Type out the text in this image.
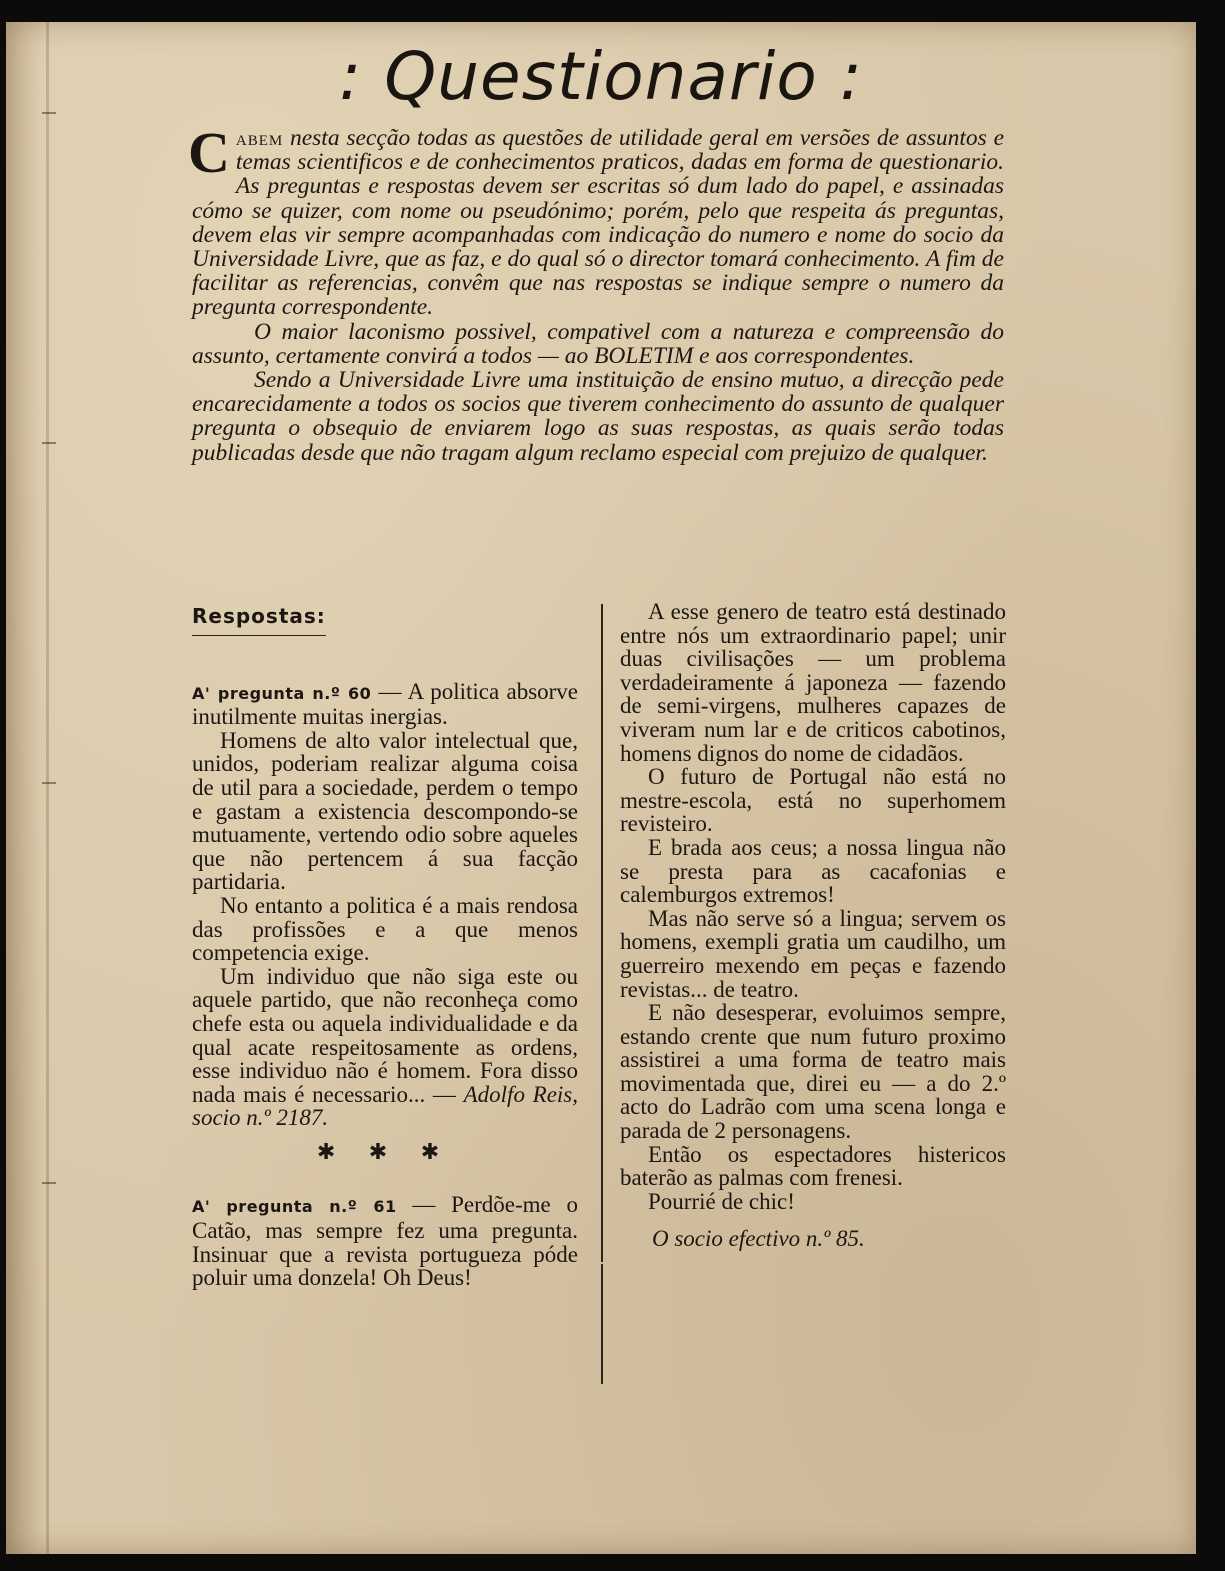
: Questionario :

Cabem nesta secção todas as questões de utilidade geral em versões de assuntos e temas scientificos e de conhecimentos praticos, dadas em forma de questionario. As preguntas e respostas devem ser escritas só dum lado do papel, e assinadas cómo se quizer, com nome ou pseudónimo; porém, pelo que respeita ás preguntas, devem elas vir sempre acompanhadas com indicação do numero e nome do socio da Universidade Livre, que as faz, e do qual só o director tomará conhecimento. A fim de facilitar as referencias, convêm que nas respostas se indique sempre o numero da pregunta correspondente.

O maior laconismo possivel, compativel com a natureza e compreensão do assunto, certamente convirá a todos — ao BOLETIM e aos correspondentes.

Sendo a Universidade Livre uma instituição de ensino mutuo, a direcção pede encarecidamente a todos os socios que tiverem conhecimento do assunto de qualquer pregunta o obsequio de enviarem logo as suas respostas, as quais serão todas publicadas desde que não tragam algum reclamo especial com prejuizo de qualquer.

Respostas:

A' pregunta n.º 60 — A politica absorve inutilmente muitas inergias.

Homens de alto valor intelectual que, unidos, poderiam realizar alguma coisa de util para a sociedade, perdem o tempo e gastam a existencia descompondo-se mutuamente, vertendo odio sobre aqueles que não pertencem á sua facção partidaria.

No entanto a politica é a mais rendosa das profissões e a que menos competencia exige.

Um individuo que não siga este ou aquele partido, que não reconheça como chefe esta ou aquela individualidade e da qual acate respeitosamente as ordens, esse individuo não é homem. Fora disso nada mais é necessario... — Adolfo Reis, socio n.º 2187.

✱ ✱ ✱

A' pregunta n.º 61 — Perdõe-me o Catão, mas sempre fez uma pregunta. Insinuar que a revista portugueza póde poluir uma donzela! Oh Deus!

A esse genero de teatro está destinado entre nós um extraordinario papel; unir duas civilisações — um problema verdadeiramente á japoneza — fazendo de semi-virgens, mulheres capazes de viveram num lar e de criticos cabotinos, homens dignos do nome de cidadãos.

O futuro de Portugal não está no mestre-escola, está no superhomem revisteiro.

E brada aos ceus; a nossa lingua não se presta para as cacafonias e calemburgos extremos!

Mas não serve só a lingua; servem os homens, exempli gratia um caudilho, um guerreiro mexendo em peças e fazendo revistas... de teatro.

E não desesperar, evoluimos sempre, estando crente que num futuro proximo assistirei a uma forma de teatro mais movimentada que, direi eu — a do 2.º acto do Ladrão com uma scena longa e parada de 2 personagens.

Então os espectadores histericos baterão as palmas com frenesi.

Pourrié de chic!

O socio efectivo n.º 85.
